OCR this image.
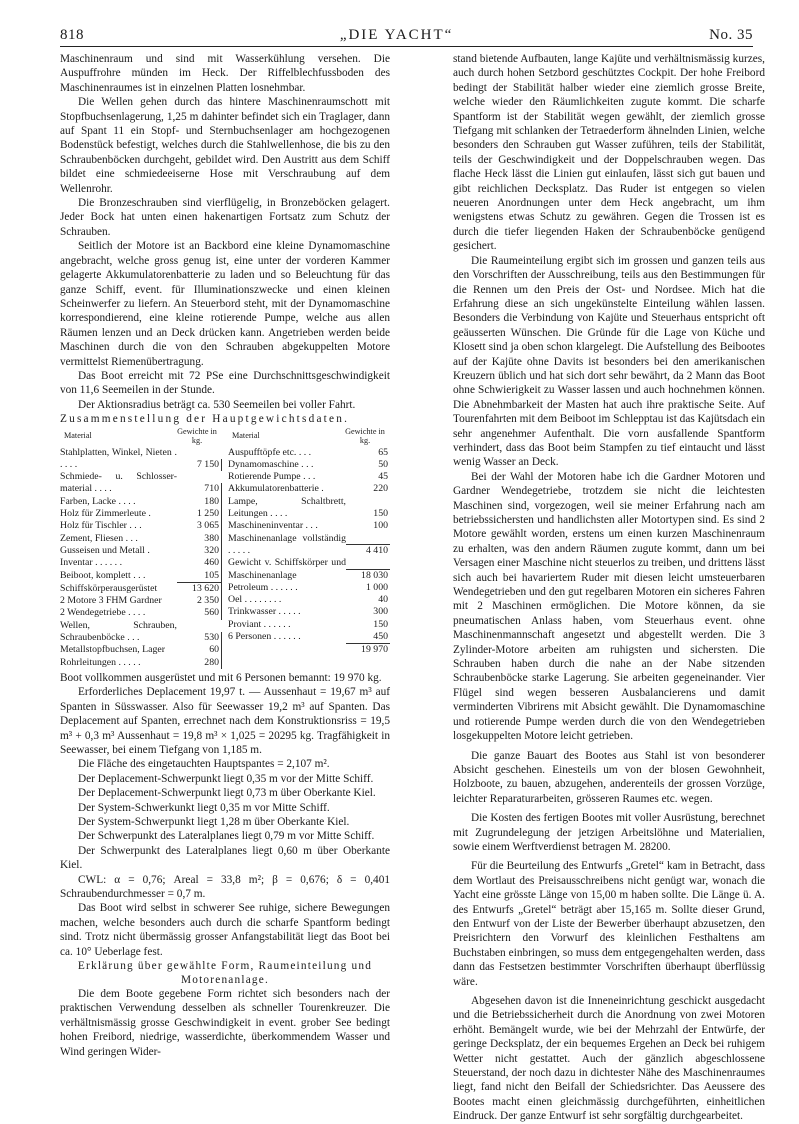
818	„DIE YACHT“	No. 35

Maschinenraum und sind mit Wasserkühlung versehen. Die Auspuffrohre münden im Heck. Der Riffelblechfussboden des Maschinenraumes ist in einzelnen Platten losnehmbar.

Die Wellen gehen durch das hintere Maschinenraumschott mit Stopfbuchsenlagerung, 1,25 m dahinter befindet sich ein Traglager, dann auf Spant 11 ein Stopf- und Sternbuchsenlager am hochgezogenen Bodenstück befestigt, welches durch die Stahlwellenhose, die bis zu den Schraubenböcken durchgeht, gebildet wird. Den Austritt aus dem Schiff bildet eine schmiedeeiserne Hose mit Verschraubung auf dem Wellenrohr.

Die Bronzeschrauben sind vierflügelig, in Bronzeböcken gelagert. Jeder Bock hat unten einen hakenartigen Fortsatz zum Schutz der Schrauben.

Seitlich der Motore ist an Backbord eine kleine Dynamomaschine angebracht, welche gross genug ist, eine unter der vorderen Kammer gelagerte Akkumulatorenbatterie zu laden und so Beleuchtung für das ganze Schiff, event. für Illuminationszwecke und einen kleinen Scheinwerfer zu liefern. An Steuerbord steht, mit der Dynamomaschine korrespondierend, eine kleine rotierende Pumpe, welche aus allen Räumen lenzen und an Deck drücken kann. Angetrieben werden beide Maschinen durch die von den Schrauben abgekuppelten Motore vermittelst Riemenübertragung.

Das Boot erreicht mit 72 PSe eine Durchschnittsgeschwindigkeit von 11,6 Seemeilen in der Stunde.

Der Aktionsradius beträgt ca. 530 Seemeilen bei voller Fahrt.

Zusammenstellung der Hauptgewichtsdaten.

Material	Gewichte in kg.
Stahlplatten, Winkel, Nieten . . . . .	7 150
Schmiede- u. Schlosser-material . . . .	710
Farben, Lacke . . . .	180
Holz für Zimmerleute .	1 250
Holz für Tischler . . .	3 065
Zement, Fliesen . . .	380
Gusseisen und Metall .	320
Inventar . . . . . .	460
Beiboot, komplett . . .	105
Schiffskörperausgerüstet	13 620
2 Motore 3 FHM Gardner	2 350
2 Wendegetriebe . . . .	560
Wellen, Schrauben, Schraubenböcke . . .	530
Metallstopfbuchsen, Lager	60
Rohrleitungen . . . . .	280
Material	Gewichte in kg.
Auspufftöpfe etc. . . .	65
Dynamomaschine . . .	50
Rotierende Pumpe . . .	45
Akkumulatorenbatterie .	220
Lampe, Schaltbrett, Leitungen . . . .	150
Maschineninventar . . .	100
Maschinenanlage vollständig . . . . .	4 410
Gewicht v. Schiffskörper und Maschinenanlage	18 030
Petroleum . . . . . .	1 000
Oel . . . . . . . .	40
Trinkwasser . . . . .	300
Proviant . . . . . .	150
6 Personen . . . . . .	450
19 970

Boot vollkommen ausgerüstet und mit 6 Personen bemannt: 19 970 kg.

Erforderliches Deplacement 19,97 t. — Aussenhaut = 19,67 m³ auf Spanten in Süsswasser. Also für Seewasser 19,2 m³ auf Spanten. Das Deplacement auf Spanten, errechnet nach dem Konstruktionsriss = 19,5 m³ + 0,3 m³ Aussenhaut = 19,8 m³ × 1,025 = 20295 kg. Tragfähigkeit in Seewasser, bei einem Tiefgang von 1,185 m.

Die Fläche des eingetauchten Hauptspantes = 2,107 m².

Der Deplacement-Schwerpunkt liegt 0,35 m vor der Mitte Schiff.

Der Deplacement-Schwerpunkt liegt 0,73 m über Oberkante Kiel.

Der System-Schwerkunkt liegt 0,35 m vor Mitte Schiff.

Der System-Schwerpunkt liegt 1,28 m über Oberkante Kiel.

Der Schwerpunkt des Lateralplanes liegt 0,79 m vor Mitte Schiff.

Der Schwerpunkt des Lateralplanes liegt 0,60 m über Oberkante Kiel.

CWL: α = 0,76; Areal = 33,8 m²; β = 0,676; δ = 0,401 Schraubendurchmesser = 0,7 m.

Das Boot wird selbst in schwerer See ruhige, sichere Bewegungen machen, welche besonders auch durch die scharfe Spantform bedingt sind. Trotz nicht übermässig grosser Anfangstabilität liegt das Boot bei ca. 10° Ueberlage fest.

Erklärung über gewählte Form, Raumeinteilung und Motorenanlage.

Die dem Boote gegebene Form richtet sich besonders nach der praktischen Verwendung desselben als schneller Tourenkreuzer. Die verhältnismässig grosse Geschwindigkeit in event. grober See bedingt hohen Freibord, niedrige, wasserdichte, überkommendem Wasser und Wind geringen Wider-

stand bietende Aufbauten, lange Kajüte und verhältnismässig kurzes, auch durch hohen Setzbord geschütztes Cockpit. Der hohe Freibord bedingt der Stabilität halber wieder eine ziemlich grosse Breite, welche wieder den Räumlichkeiten zugute kommt. Die scharfe Spantform ist der Stabilität wegen gewählt, der ziemlich grosse Tiefgang mit schlanken der Tetraederform ähnelnden Linien, welche besonders den Schrauben gut Wasser zuführen, teils der Stabilität, teils der Geschwindigkeit und der Doppelschrauben wegen. Das flache Heck lässt die Linien gut einlaufen, lässt sich gut bauen und gibt reichlichen Decksplatz. Das Ruder ist entgegen so vielen neueren Anordnungen unter dem Heck angebracht, um ihm wenigstens etwas Schutz zu gewähren. Gegen die Trossen ist es durch die tiefer liegenden Haken der Schraubenböcke genügend gesichert.

Die Raumeinteilung ergibt sich im grossen und ganzen teils aus den Vorschriften der Ausschreibung, teils aus den Bestimmungen für die Rennen um den Preis der Ost- und Nordsee. Mich hat die Erfahrung diese an sich ungekünstelte Einteilung wählen lassen. Besonders die Verbindung von Kajüte und Steuerhaus entspricht oft geäusserten Wünschen. Die Gründe für die Lage von Küche und Klosett sind ja oben schon klargelegt. Die Aufstellung des Beibootes auf der Kajüte ohne Davits ist besonders bei den amerikanischen Kreuzern üblich und hat sich dort sehr bewährt, da 2 Mann das Boot ohne Schwierigkeit zu Wasser lassen und auch hochnehmen können. Die Abnehmbarkeit der Masten hat auch ihre praktische Seite. Auf Tourenfahrten mit dem Beiboot im Schlepptau ist das Kajütsdach ein sehr angenehmer Aufenthalt. Die vorn ausfallende Spantform verhindert, dass das Boot beim Stampfen zu tief eintaucht und lässt wenig Wasser an Deck.

Bei der Wahl der Motoren habe ich die Gardner Motoren und Gardner Wendegetriebe, trotzdem sie nicht die leichtesten Maschinen sind, vorgezogen, weil sie meiner Erfahrung nach am betriebssichersten und handlichsten aller Motortypen sind. Es sind 2 Motore gewählt worden, erstens um einen kurzen Maschinenraum zu erhalten, was den andern Räumen zugute kommt, dann um bei Versagen einer Maschine nicht steuerlos zu treiben, und drittens lässt sich auch bei havariertem Ruder mit diesen leicht umsteuerbaren Wendegetrieben und den gut regelbaren Motoren ein sicheres Fahren mit 2 Maschinen ermöglichen. Die Motore können, da sie pneumatischen Anlass haben, vom Steuerhaus event. ohne Maschinenmannschaft angesetzt und abgestellt werden. Die 3 Zylinder-Motore arbeiten am ruhigsten und sichersten. Die Schrauben haben durch die nahe an der Nabe sitzenden Schraubenböcke starke Lagerung. Sie arbeiten gegeneinander. Vier Flügel sind wegen besseren Ausbalancierens und damit verminderten Vibrirens mit Absicht gewählt. Die Dynamomaschine und rotierende Pumpe werden durch die von den Wendegetrieben losgekuppelten Motore leicht getrieben.

Die ganze Bauart des Bootes aus Stahl ist von besonderer Absicht geschehen. Einesteils um von der blosen Gewohnheit, Holzboote, zu bauen, abzugehen, anderenteils der grossen Vorzüge, leichter Reparaturarbeiten, grösseren Raumes etc. wegen.

Die Kosten des fertigen Bootes mit voller Ausrüstung, berechnet mit Zugrundelegung der jetzigen Arbeitslöhne und Materialien, sowie einem Werftverdienst betragen M. 28200.

Für die Beurteilung des Entwurfs „Gretel“ kam in Betracht, dass dem Wortlaut des Preisausschreibens nicht genügt war, wonach die Yacht eine grösste Länge von 15,00 m haben sollte. Die Länge ü. A. des Entwurfs „Gretel“ beträgt aber 15,165 m. Sollte dieser Grund, den Entwurf von der Liste der Bewerber überhaupt abzusetzen, den Preisrichtern den Vorwurf des kleinlichen Festhaltens am Buchstaben einbringen, so muss dem entgegengehalten werden, dass dann das Festsetzen bestimmter Vorschriften überhaupt überflüssig wäre.

Abgesehen davon ist die Inneneinrichtung geschickt ausgedacht und die Betriebssicherheit durch die Anordnung von zwei Motoren erhöht. Bemängelt wurde, wie bei der Mehrzahl der Entwürfe, der geringe Decksplatz, der ein bequemes Ergehen an Deck bei ruhigem Wetter nicht gestattet. Auch der gänzlich abgeschlossene Steuerstand, der noch dazu in dichtester Nähe des Maschinenraumes liegt, fand nicht den Beifall der Schiedsrichter. Das Aeussere des Bootes macht einen gleichmässig durchgeführten, einheitlichen Eindruck. Der ganze Entwurf ist sehr sorgfältig durchgearbeitet.
